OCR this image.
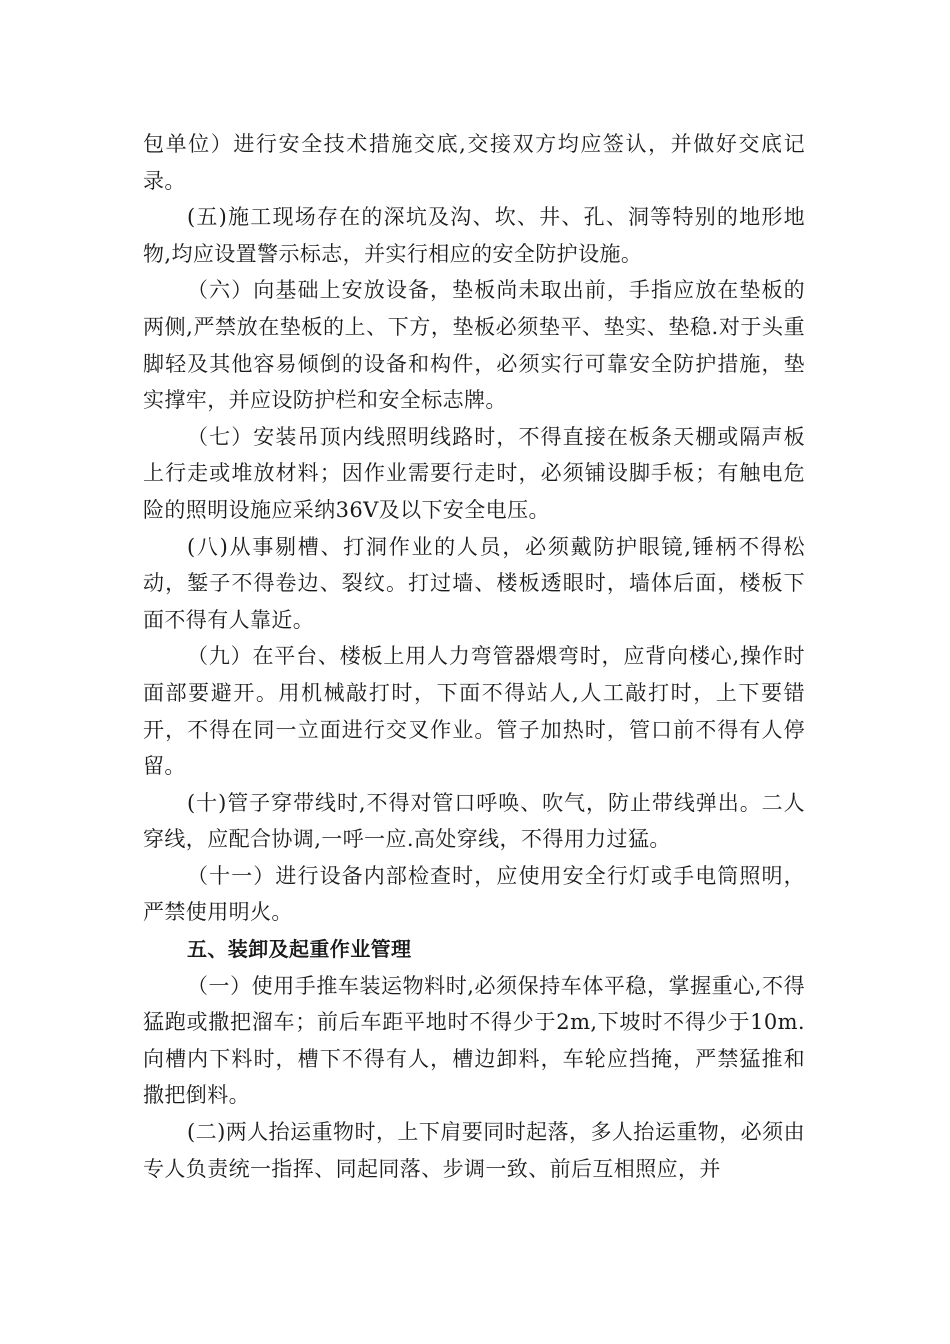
包单位）进行安全技术措施交底,交接双方均应签认，并做好交底记录。

(五)施工现场存在的深坑及沟、坎、井、孔、洞等特别的地形地物,均应设置警示标志，并实行相应的安全防护设施。

（六）向基础上安放设备，垫板尚未取出前，手指应放在垫板的两侧,严禁放在垫板的上、下方，垫板必须垫平、垫实、垫稳.对于头重脚轻及其他容易倾倒的设备和构件，必须实行可靠安全防护措施，垫实撑牢，并应设防护栏和安全标志牌。

（七）安装吊顶内线照明线路时，不得直接在板条天棚或隔声板上行走或堆放材料；因作业需要行走时，必须铺设脚手板；有触电危险的照明设施应采纳36V及以下安全电压。

(八)从事剔槽、打洞作业的人员，必须戴防护眼镜,锤柄不得松动，錾子不得卷边、裂纹。打过墙、楼板透眼时，墙体后面，楼板下面不得有人靠近。

（九）在平台、楼板上用人力弯管器煨弯时，应背向楼心,操作时面部要避开。用机械敲打时，下面不得站人,人工敲打时，上下要错开，不得在同一立面进行交叉作业。管子加热时，管口前不得有人停留。

(十)管子穿带线时,不得对管口呼唤、吹气，防止带线弹出。二人穿线，应配合协调,一呼一应.高处穿线，不得用力过猛。

（十一）进行设备内部检查时，应使用安全行灯或手电筒照明，严禁使用明火。

五、装卸及起重作业管理

（一）使用手推车装运物料时,必须保持车体平稳，掌握重心,不得猛跑或撒把溜车；前后车距平地时不得少于2m,下坡时不得少于10m.向槽内下料时，槽下不得有人，槽边卸料，车轮应挡掩，严禁猛推和撒把倒料。

(二)两人抬运重物时，上下肩要同时起落，多人抬运重物，必须由专人负责统一指挥、同起同落、步调一致、前后互相照应，并
